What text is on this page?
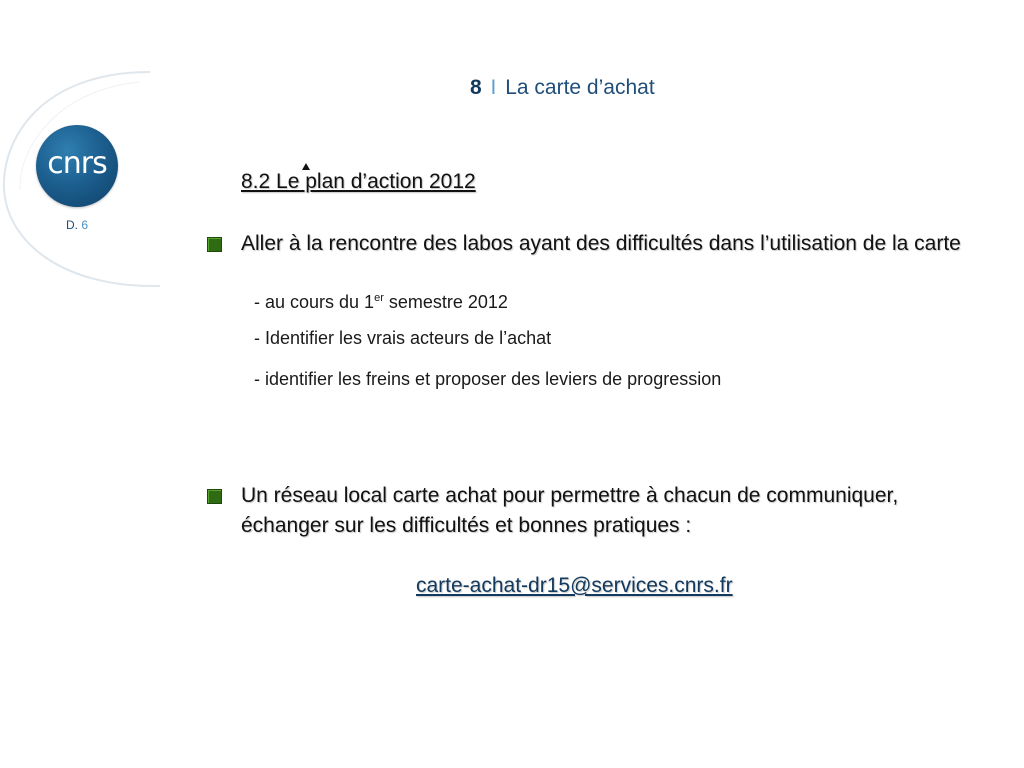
cnrs
D. 6
8 I La carte d’achat
8.2 Le plan d’action 2012
Aller à la rencontre des labos ayant des difficultés dans l’utilisation de la carte
- au cours du 1er semestre 2012
- Identifier les vrais acteurs de l’achat
- identifier les freins et proposer des leviers de progression
Un réseau local carte achat pour permettre à chacun de communiquer, échanger sur les difficultés et bonnes pratiques :
carte-achat-dr15@services.cnrs.fr
